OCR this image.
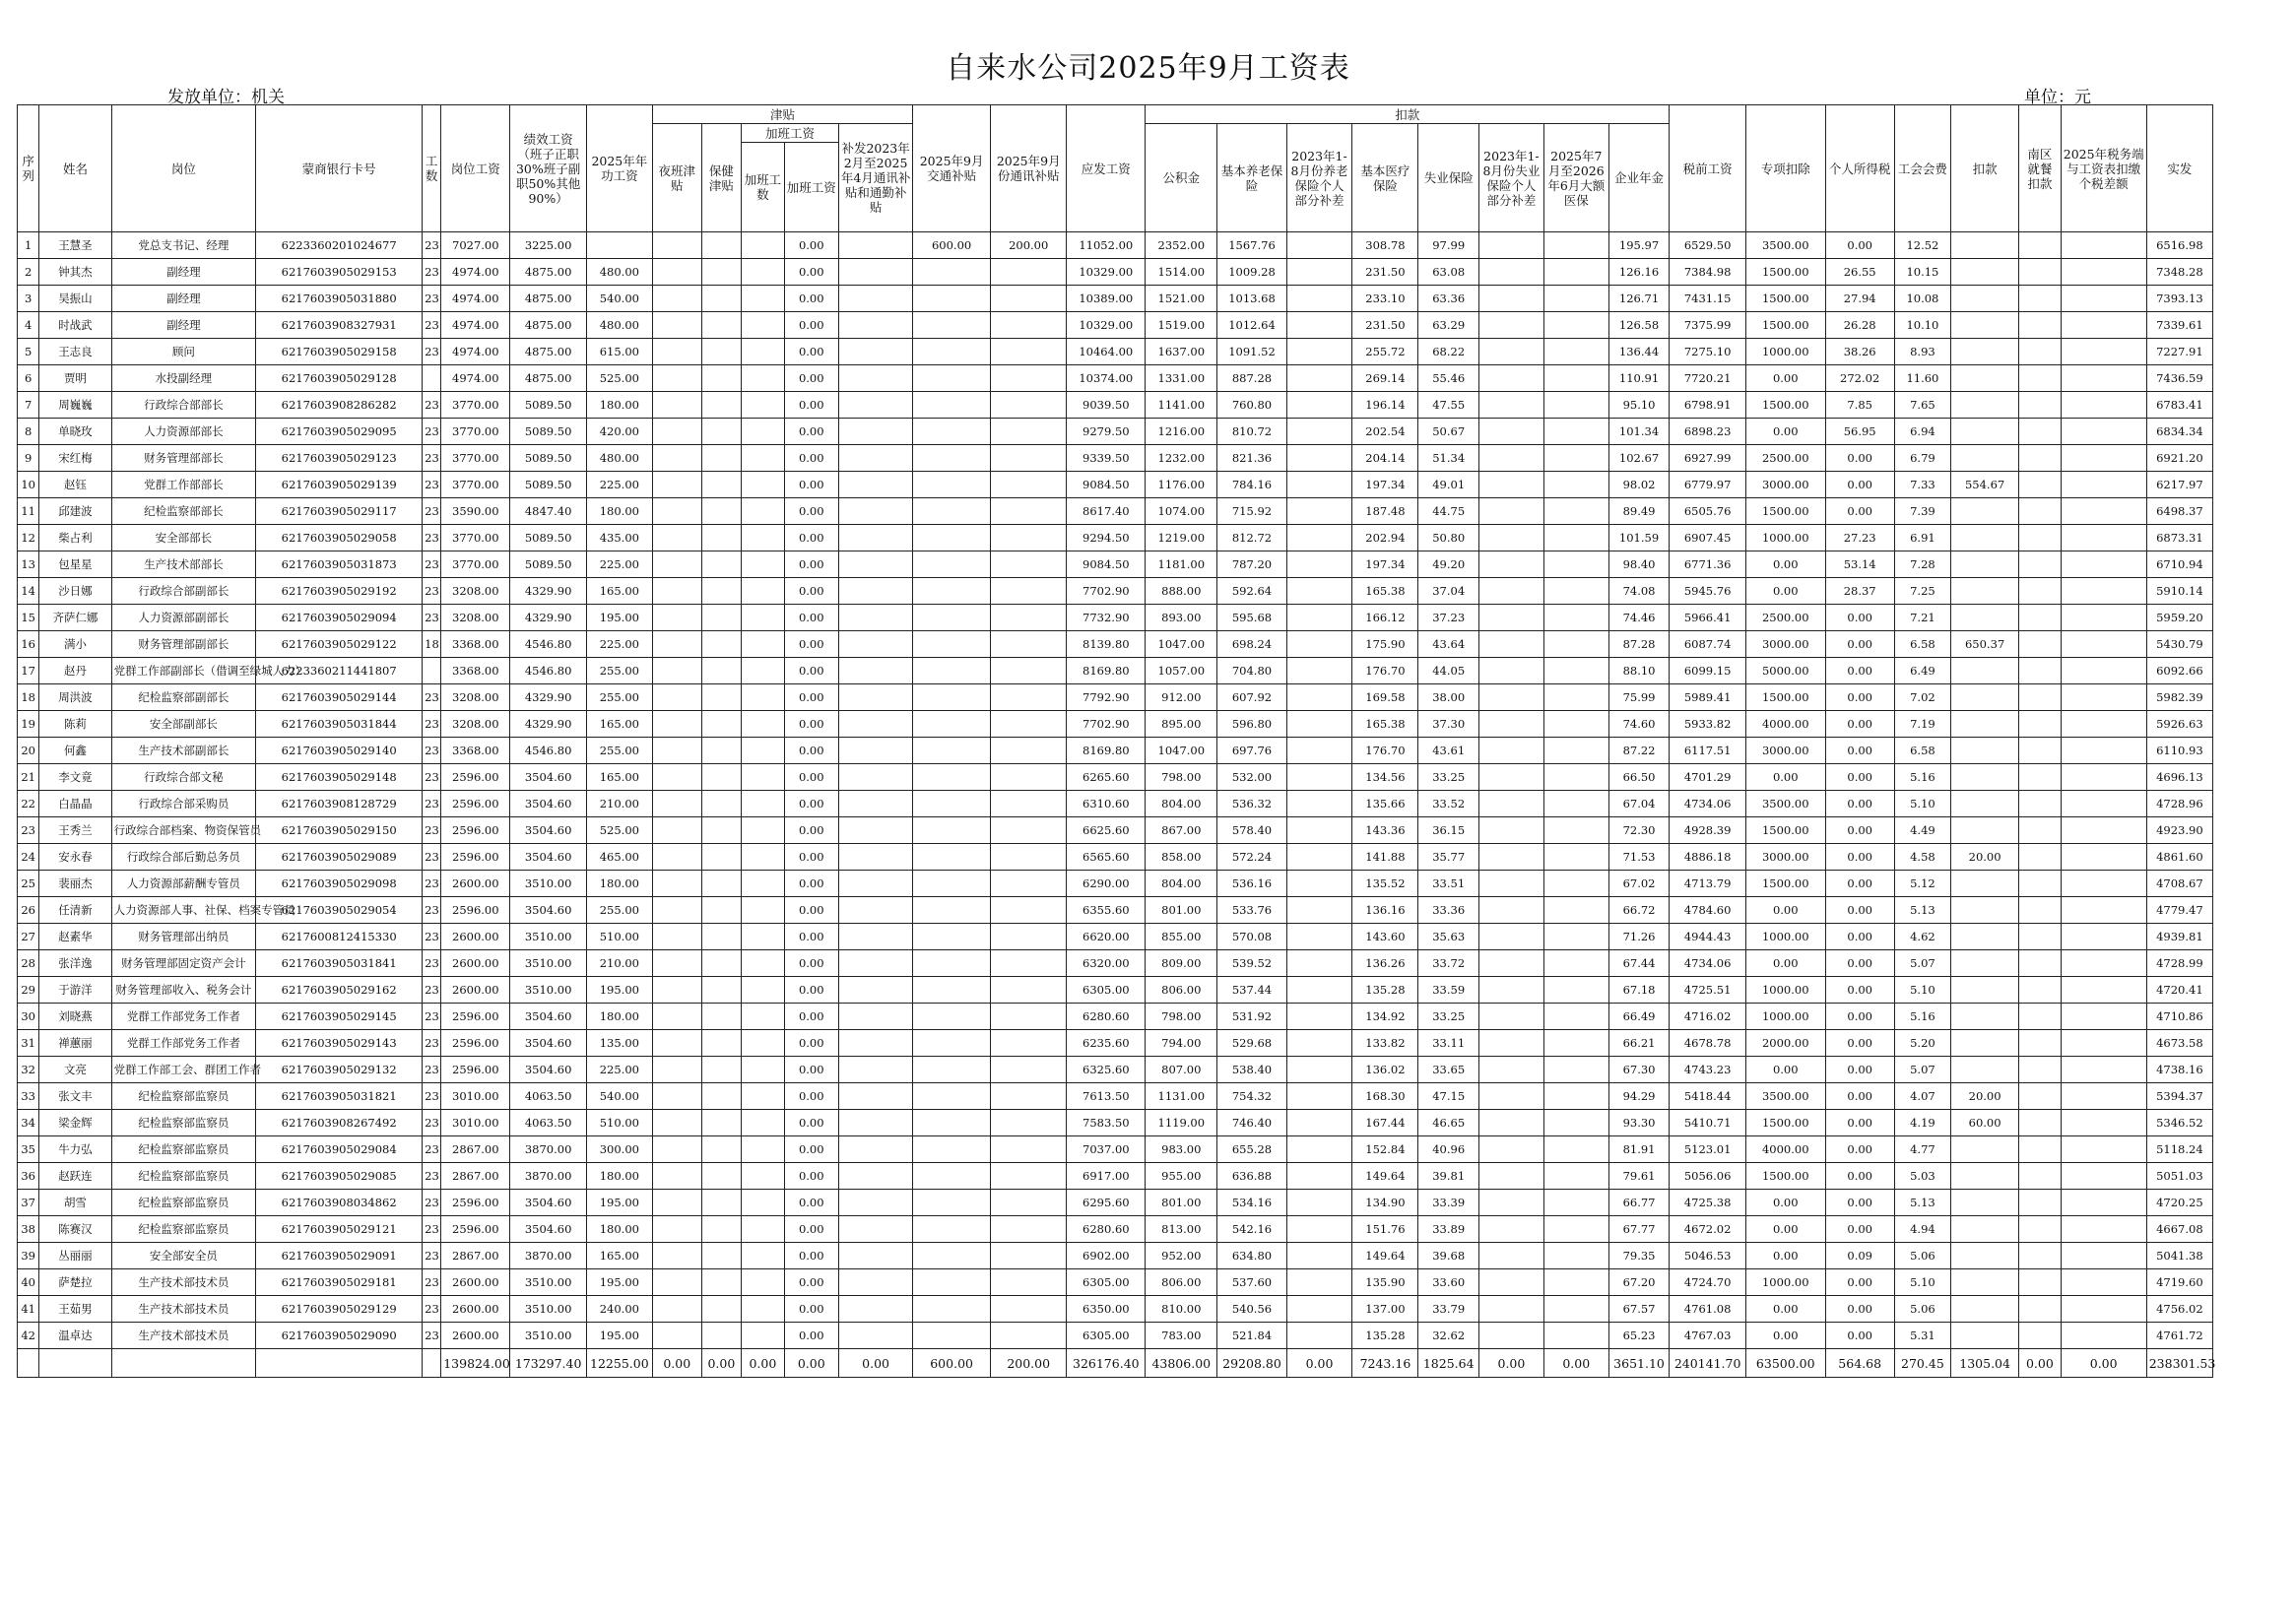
自来水公司2025年9月工资表
发放单位：机关	单位：元
序列	姓名	岗位	蒙商银行卡号	工数	岗位工资	绩效工资（班子正职30%班子副职50%其他90%）	2025年年功工资	津贴					2025年9月交通补贴	2025年9月份通讯补贴	应发工资	扣款								税前工资	专项扣除	个人所得税	工会会费	扣款	南区就餐扣款	2025年税务端与工资表扣缴个税差额	实发
								夜班津贴	保健津贴	加班工资		补发2023年2月至2025年4月通讯补贴和通勤补贴				公积金	基本养老保险	2023年1-8月份养老保险个人部分补差	基本医疗保险	失业保险	2023年1-8月份失业保险个人部分补差	2025年7月至2026年6月大额医保	企业年金								
										加班工数	加班工资																				
1	王慧圣	党总支书记、经理	6223360201024677	23	7027.00	3225.00					0.00		600.00	200.00	11052.00	2352.00	1567.76		308.78	97.99			195.97	6529.50	3500.00	0.00	12.52				6516.98
2	钟其杰	副经理	6217603905029153	23	4974.00	4875.00	480.00				0.00				10329.00	1514.00	1009.28		231.50	63.08			126.16	7384.98	1500.00	26.55	10.15				7348.28
3	吴振山	副经理	6217603905031880	23	4974.00	4875.00	540.00				0.00				10389.00	1521.00	1013.68		233.10	63.36			126.71	7431.15	1500.00	27.94	10.08				7393.13
4	时战武	副经理	6217603908327931	23	4974.00	4875.00	480.00				0.00				10329.00	1519.00	1012.64		231.50	63.29			126.58	7375.99	1500.00	26.28	10.10				7339.61
5	王志良	顾问	6217603905029158	23	4974.00	4875.00	615.00				0.00				10464.00	1637.00	1091.52		255.72	68.22			136.44	7275.10	1000.00	38.26	8.93				7227.91
6	贾明	水投副经理	6217603905029128		4974.00	4875.00	525.00				0.00				10374.00	1331.00	887.28		269.14	55.46			110.91	7720.21	0.00	272.02	11.60				7436.59
7	周巍巍	行政综合部部长	6217603908286282	23	3770.00	5089.50	180.00				0.00				9039.50	1141.00	760.80		196.14	47.55			95.10	6798.91	1500.00	7.85	7.65				6783.41
8	单晓玫	人力资源部部长	6217603905029095	23	3770.00	5089.50	420.00				0.00				9279.50	1216.00	810.72		202.54	50.67			101.34	6898.23	0.00	56.95	6.94				6834.34
9	宋红梅	财务管理部部长	6217603905029123	23	3770.00	5089.50	480.00				0.00				9339.50	1232.00	821.36		204.14	51.34			102.67	6927.99	2500.00	0.00	6.79				6921.20
10	赵钰	党群工作部部长	6217603905029139	23	3770.00	5089.50	225.00				0.00				9084.50	1176.00	784.16		197.34	49.01			98.02	6779.97	3000.00	0.00	7.33	554.67			6217.97
11	邱建波	纪检监察部部长	6217603905029117	23	3590.00	4847.40	180.00				0.00				8617.40	1074.00	715.92		187.48	44.75			89.49	6505.76	1500.00	0.00	7.39				6498.37
12	柴占利	安全部部长	6217603905029058	23	3770.00	5089.50	435.00				0.00				9294.50	1219.00	812.72		202.94	50.80			101.59	6907.45	1000.00	27.23	6.91				6873.31
13	包星星	生产技术部部长	6217603905031873	23	3770.00	5089.50	225.00				0.00				9084.50	1181.00	787.20		197.34	49.20			98.40	6771.36	0.00	53.14	7.28				6710.94
14	沙日娜	行政综合部副部长	6217603905029192	23	3208.00	4329.90	165.00				0.00				7702.90	888.00	592.64		165.38	37.04			74.08	5945.76	0.00	28.37	7.25				5910.14
15	齐萨仁娜	人力资源部副部长	6217603905029094	23	3208.00	4329.90	195.00				0.00				7732.90	893.00	595.68		166.12	37.23			74.46	5966.41	2500.00	0.00	7.21				5959.20
16	满小	财务管理部副部长	6217603905029122	18	3368.00	4546.80	225.00				0.00				8139.80	1047.00	698.24		175.90	43.64			87.28	6087.74	3000.00	0.00	6.58	650.37			5430.79
17	赵丹	党群工作部副部长（借调至绿城人力）	6223360211441807		3368.00	4546.80	255.00				0.00				8169.80	1057.00	704.80		176.70	44.05			88.10	6099.15	5000.00	0.00	6.49				6092.66
18	周洪波	纪检监察部副部长	6217603905029144	23	3208.00	4329.90	255.00				0.00				7792.90	912.00	607.92		169.58	38.00			75.99	5989.41	1500.00	0.00	7.02				5982.39
19	陈莉	安全部副部长	6217603905031844	23	3208.00	4329.90	165.00				0.00				7702.90	895.00	596.80		165.38	37.30			74.60	5933.82	4000.00	0.00	7.19				5926.63
20	何鑫	生产技术部副部长	6217603905029140	23	3368.00	4546.80	255.00				0.00				8169.80	1047.00	697.76		176.70	43.61			87.22	6117.51	3000.00	0.00	6.58				6110.93
21	李文竟	行政综合部文秘	6217603905029148	23	2596.00	3504.60	165.00				0.00				6265.60	798.00	532.00		134.56	33.25			66.50	4701.29	0.00	0.00	5.16				4696.13
22	白晶晶	行政综合部采购员	6217603908128729	23	2596.00	3504.60	210.00				0.00				6310.60	804.00	536.32		135.66	33.52			67.04	4734.06	3500.00	0.00	5.10				4728.96
23	王秀兰	行政综合部档案、物资保管员	6217603905029150	23	2596.00	3504.60	525.00				0.00				6625.60	867.00	578.40		143.36	36.15			72.30	4928.39	1500.00	0.00	4.49				4923.90
24	安永春	行政综合部后勤总务员	6217603905029089	23	2596.00	3504.60	465.00				0.00				6565.60	858.00	572.24		141.88	35.77			71.53	4886.18	3000.00	0.00	4.58	20.00			4861.60
25	裴丽杰	人力资源部薪酬专管员	6217603905029098	23	2600.00	3510.00	180.00				0.00				6290.00	804.00	536.16		135.52	33.51			67.02	4713.79	1500.00	0.00	5.12				4708.67
26	任清新	人力资源部人事、社保、档案专管员	6217603905029054	23	2596.00	3504.60	255.00				0.00				6355.60	801.00	533.76		136.16	33.36			66.72	4784.60	0.00	0.00	5.13				4779.47
27	赵素华	财务管理部出纳员	6217600812415330	23	2600.00	3510.00	510.00				0.00				6620.00	855.00	570.08		143.60	35.63			71.26	4944.43	1000.00	0.00	4.62				4939.81
28	张洋逸	财务管理部固定资产会计	6217603905031841	23	2600.00	3510.00	210.00				0.00				6320.00	809.00	539.52		136.26	33.72			67.44	4734.06	0.00	0.00	5.07				4728.99
29	于游洋	财务管理部收入、税务会计	6217603905029162	23	2600.00	3510.00	195.00				0.00				6305.00	806.00	537.44		135.28	33.59			67.18	4725.51	1000.00	0.00	5.10				4720.41
30	刘晓燕	党群工作部党务工作者	6217603905029145	23	2596.00	3504.60	180.00				0.00				6280.60	798.00	531.92		134.92	33.25			66.49	4716.02	1000.00	0.00	5.16				4710.86
31	禅蕙丽	党群工作部党务工作者	6217603905029143	23	2596.00	3504.60	135.00				0.00				6235.60	794.00	529.68		133.82	33.11			66.21	4678.78	2000.00	0.00	5.20				4673.58
32	文亮	党群工作部工会、群团工作者	6217603905029132	23	2596.00	3504.60	225.00				0.00				6325.60	807.00	538.40		136.02	33.65			67.30	4743.23	0.00	0.00	5.07				4738.16
33	张文丰	纪检监察部监察员	6217603905031821	23	3010.00	4063.50	540.00				0.00				7613.50	1131.00	754.32		168.30	47.15			94.29	5418.44	3500.00	0.00	4.07	20.00			5394.37
34	梁金辉	纪检监察部监察员	6217603908267492	23	3010.00	4063.50	510.00				0.00				7583.50	1119.00	746.40		167.44	46.65			93.30	5410.71	1500.00	0.00	4.19	60.00			5346.52
35	牛力弘	纪检监察部监察员	6217603905029084	23	2867.00	3870.00	300.00				0.00				7037.00	983.00	655.28		152.84	40.96			81.91	5123.01	4000.00	0.00	4.77				5118.24
36	赵跃连	纪检监察部监察员	6217603905029085	23	2867.00	3870.00	180.00				0.00				6917.00	955.00	636.88		149.64	39.81			79.61	5056.06	1500.00	0.00	5.03				5051.03
37	胡雪	纪检监察部监察员	6217603908034862	23	2596.00	3504.60	195.00				0.00				6295.60	801.00	534.16		134.90	33.39			66.77	4725.38	0.00	0.00	5.13				4720.25
38	陈赛汉	纪检监察部监察员	6217603905029121	23	2596.00	3504.60	180.00				0.00				6280.60	813.00	542.16		151.76	33.89			67.77	4672.02	0.00	0.00	4.94				4667.08
39	丛丽丽	安全部安全员	6217603905029091	23	2867.00	3870.00	165.00				0.00				6902.00	952.00	634.80		149.64	39.68			79.35	5046.53	0.00	0.09	5.06				5041.38
40	萨楚拉	生产技术部技术员	6217603905029181	23	2600.00	3510.00	195.00				0.00				6305.00	806.00	537.60		135.90	33.60			67.20	4724.70	1000.00	0.00	5.10				4719.60
41	王茹男	生产技术部技术员	6217603905029129	23	2600.00	3510.00	240.00				0.00				6350.00	810.00	540.56		137.00	33.79			67.57	4761.08	0.00	0.00	5.06				4756.02
42	温卓达	生产技术部技术员	6217603905029090	23	2600.00	3510.00	195.00				0.00				6305.00	783.00	521.84		135.28	32.62			65.23	4767.03	0.00	0.00	5.31				4761.72
					139824.00	173297.40	12255.00	0.00	0.00	0.00	0.00	0.00	600.00	200.00	326176.40	43806.00	29208.80	0.00	7243.16	1825.64	0.00	0.00	3651.10	240141.70	63500.00	564.68	270.45	1305.04	0.00	0.00	238301.53
